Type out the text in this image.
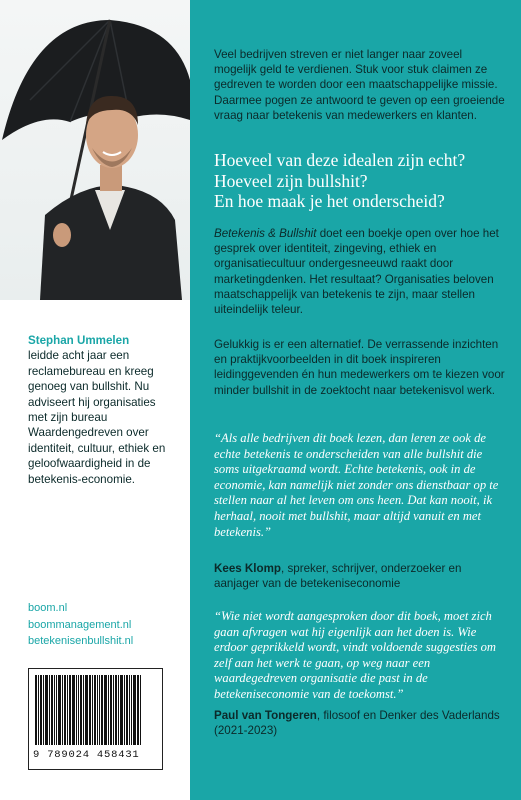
Stephan Ummelen
leidde acht jaar een reclamebureau en kreeg genoeg van bullshit. Nu adviseert hij organisaties met zijn bureau Waardengedreven over identiteit, cultuur, ethiek en geloofwaardigheid in de betekenis-economie.
boom.nl
boommanagement.nl
betekenisenbullshit.nl
9 789024 458431
Veel bedrijven streven er niet langer naar zoveel mogelijk geld te verdienen. Stuk voor stuk claimen ze gedreven te worden door een maatschappelijke missie. Daarmee pogen ze antwoord te geven op een groeiende vraag naar betekenis van medewerkers en klanten.
Hoeveel van deze idealen zijn echt?
Hoeveel zijn bullshit?
En hoe maak je het onderscheid?
Betekenis & Bullshit doet een boekje open over hoe het gesprek over identiteit, zingeving, ethiek en organisatiecultuur ondergesneeuwd raakt door marketingdenken. Het resultaat? Organisaties beloven maatschappelijk van betekenis te zijn, maar stellen uiteindelijk teleur.
Gelukkig is er een alternatief. De verrassende inzichten en praktijkvoorbeelden in dit boek inspireren leidinggevenden én hun medewerkers om te kiezen voor minder bullshit in de zoektocht naar betekenisvol werk.
“Als alle bedrijven dit boek lezen, dan leren ze ook de echte betekenis te onderscheiden van alle bullshit die soms uitgekraamd wordt. Echte betekenis, ook in de economie, kan namelijk niet zonder ons dienstbaar op te stellen naar al het leven om ons heen. Dat kan nooit, ik herhaal, nooit met bullshit, maar altijd vanuit en met betekenis.”
Kees Klomp, spreker, schrijver, onderzoeker en aanjager van de betekeniseconomie
“Wie niet wordt aangesproken door dit boek, moet zich gaan afvragen wat hij eigenlijk aan het doen is. Wie erdoor geprikkeld wordt, vindt voldoende suggesties om zelf aan het werk te gaan, op weg naar een waardegedreven organisatie die past in de betekeniseconomie van de toekomst.”
Paul van Tongeren, filosoof en Denker des Vaderlands (2021-2023)
